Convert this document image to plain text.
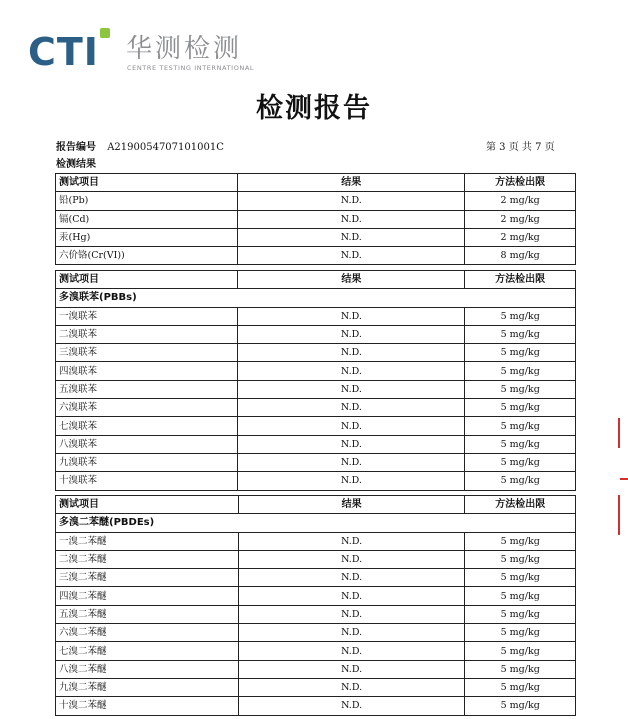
CTI 华测检测
CENTRE TESTING INTERNATIONAL
检测报告
报告编号 A2190054707101001C	第 3 页 共 7 页
检测结果
测试项目	结果	方法检出限
铅(Pb)	N.D.	2 mg/kg
镉(Cd)	N.D.	2 mg/kg
汞(Hg)	N.D.	2 mg/kg
六价铬(Cr(VI))	N.D.	8 mg/kg
测试项目	结果	方法检出限
多溴联苯(PBBs)		
一溴联苯	N.D.	5 mg/kg
二溴联苯	N.D.	5 mg/kg
三溴联苯	N.D.	5 mg/kg
四溴联苯	N.D.	5 mg/kg
五溴联苯	N.D.	5 mg/kg
六溴联苯	N.D.	5 mg/kg
七溴联苯	N.D.	5 mg/kg
八溴联苯	N.D.	5 mg/kg
九溴联苯	N.D.	5 mg/kg
十溴联苯	N.D.	5 mg/kg
测试项目	结果	方法检出限
多溴二苯醚(PBDEs)		
一溴二苯醚	N.D.	5 mg/kg
二溴二苯醚	N.D.	5 mg/kg
三溴二苯醚	N.D.	5 mg/kg
四溴二苯醚	N.D.	5 mg/kg
五溴二苯醚	N.D.	5 mg/kg
六溴二苯醚	N.D.	5 mg/kg
七溴二苯醚	N.D.	5 mg/kg
八溴二苯醚	N.D.	5 mg/kg
九溴二苯醚	N.D.	5 mg/kg
十溴二苯醚	N.D.	5 mg/kg
